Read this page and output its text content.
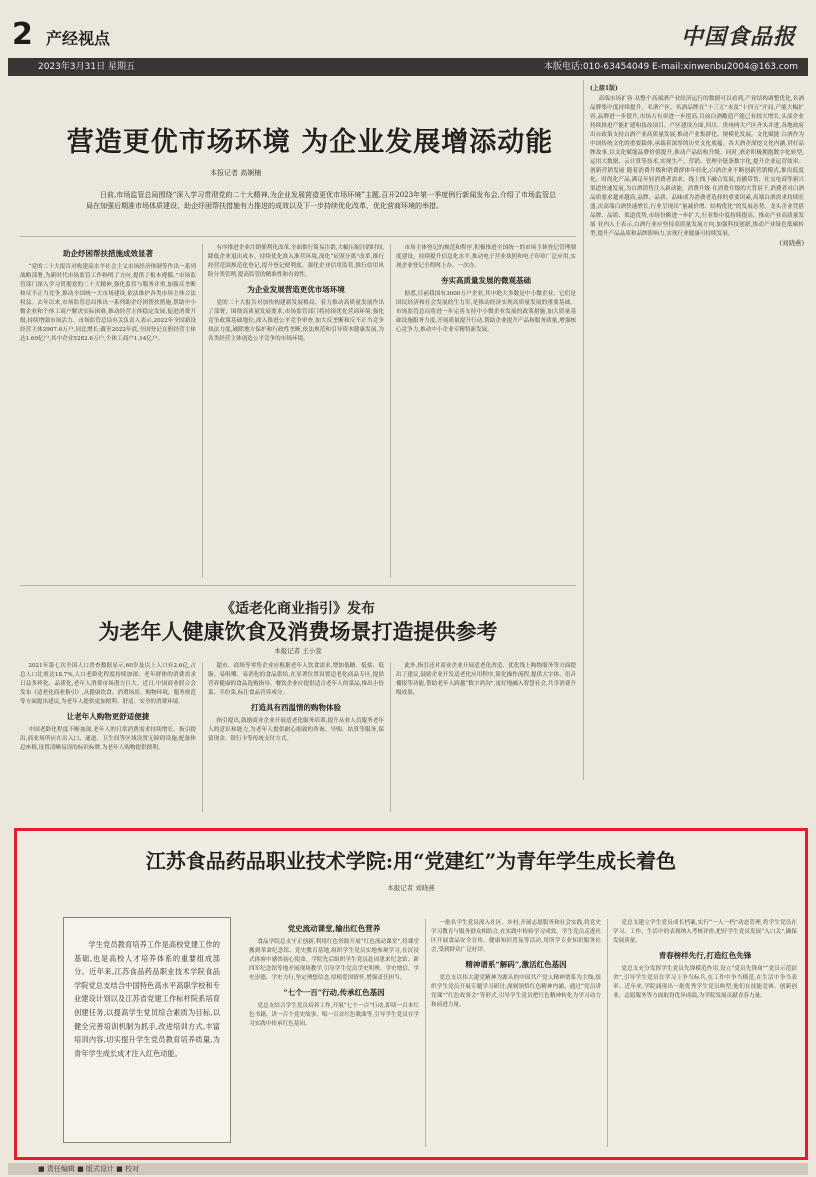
2 产经视点	中国食品报
2023年3月31日 星期五	本版电话:010-63454049 E-mail:xinwenbu2004@163.com
营造更优市场环境 为企业发展增添动能
本报记者 高娴楠
日前,市场监管总局围绕“深入学习贯彻党的二十大精神,为企业发展营造更优市场环境”主题,召开2023年第一季度例行新闻发布会,介绍了市场监管总局在加强后期准市场体质建设、助企纾困帮扶措施有力推进的成效以及下一步持续优化改革、优化营商环境的举措。
助企纾困帮扶措施成效显著

“党的二十大报告对构建高水平社会主义市场经济体制等作出一系列战略部署,为新时代市场监管工作指明了方向,提供了根本遵循。”市场监管部门深入学习贯彻党的二十大精神,强化监管与服务并重,加强反垄断和反不正当竞争,推动全国统一大市场建设,依法维护各类市场主体合法权益。去年以来,市场监管总局推出一系列助企纾困帮扶措施,帮助中小微企业和个体工商户解决实际困难,推动经营主体稳定发展,促进消费升级,持续增强市场活力。市场监管总局有关负责人表示,2022年全国新设经营主体2907.6万户,同比增长;截至2022年底,全国登记在册经营主体达1.69亿户,其中企业5282.6万户,个体工商户1.14亿户。

有序推进企业注销便利化改革,全面推行简易注销,大幅压缩注销时间,降低企业退出成本。持续优化准入准营环境,深化“证照分离”改革,推行经营范围规范化登记,提升登记便利度。强化企业信用监管,推行信用风险分类管理,提高监管的精准性和有效性。

为企业发展营造更优市场环境

党的二十大报告对加快构建新发展格局、着力推动高质量发展作出了部署。围绕高质量发展要求,市场监管部门将持续优化营商环境,强化竞争政策基础地位,深入推进公平竞争审查,加大反垄断和反不正当竞争执法力度,破除地方保护和行政性垄断,依法规范和引导资本健康发展,为各类经营主体创造公平竞争的市场环境。

市场主体登记的规范和程序,积极推进全国统一的市场主体登记管理制度建设。持续提升信息化水平,推动电子营业执照和电子印章广泛应用,实现企业登记全程网上办、一次办。

夯实高质量发展的微观基础

据悉,目前我国有3000万户企业,其中绝大多数是中小微企业。它们是国民经济和社会发展的生力军,是推动经济实现高质量发展的重要基础。市场监管总局将进一步完善支持中小微企业发展的政策措施,加大质量基础设施服务力度,开展质量提升行动,帮助企业提升产品和服务质量,增强核心竞争力,推动中小企业专精特新发展。

(上接1版)

高端市场扩容 从整个高端酒产业经济运行的数据可以看到,产业结构调整优化,名酒品牌集中度持续提升。名酒产区、名酒品牌在“十三五”末及“十四五”开局,产能大幅扩容,品牌进一步提升,市场占有率进一步提高,目前白酒酿造产能已有较大增长,头部企业持续推进产能扩建和技改项目。产区建设方面,四川、贵州两大产区齐头并进,各地政府出台政策支持白酒产业高质量发展,推动产业集群化、规模化发展。文化赋能 白酒作为中国传统文化的重要载体,承载着深厚的历史文化底蕴。各大酒企深挖文化内涵,讲好品牌故事,以文化赋能品牌价值提升,推动产品结构升级。同时,酒企积极拥抱数字化转型,运用大数据、云计算等技术,实现生产、营销、管理全链条数字化,提升企业运营效率。创新营销发展 随着消费升级和消费群体年轻化,白酒企业不断创新营销模式,推出低度化、时尚化产品,满足年轻消费者需求。线上线下融合发展,直播带货、社交电商等新兴渠道快速发展,为白酒销售注入新动能。消费升级 在消费升级的大背景下,消费者对白酒品质要求越来越高,品牌、品质、品味成为消费者选择的重要因素,高端白酒需求持续旺盛,次高端白酒快速增长,行业呈现出“量减价增、结构优化”的发展态势。龙头企业凭借品牌、品质、渠道优势,市场份额进一步扩大,行业集中度持续提高。推动产业高质量发展 业内人士表示,白酒行业应坚持高质量发展方向,加强科技创新,推动产业绿色低碳转型,提升产品品质和品牌影响力,实现行业健康可持续发展。

(刘晓燕)
《适老化商业指引》发布
为老年人健康饮食及消费场景打造提供参考
本报记者 王小萱

2021年第七次全国人口普查数据显示,60岁及以上人口有2.6亿,占总人口比重达18.7%,人口老龄化程度持续加深。老年群体的消费需求日益多样化、品质化,老年人消费市场潜力巨大。近日,中国商业联合会发布《适老化商业指引》,从健康饮食、消费场景、购物环境、服务规范等方面提出建议,为老年人提供更加便利、舒适、安全的消费环境。

让老年人购物更舒适便捷

中国老龄化程度不断加深,老年人的日常消费需求持续增长。指引提出,商业场所应在出入口、通道、卫生间等区域设置无障碍设施,配备休息座椅,设置清晰易读的标识标牌,为老年人购物提供便利。

超市、商场等零售企业应根据老年人饮食需求,增加低糖、低盐、低脂、易咀嚼、易消化的食品供给,在显著位置设置适老化商品专区,提供营养健康的食品选购指导。餐饮企业应提供适合老年人的菜品,推出小份菜、半份菜,标注食品营养成分。

打造具有西温情的购物体验

指引提出,鼓励商业企业开展适老化服务培训,提升从业人员服务老年人的意识和能力,为老年人提供耐心细致的咨询、导购、结算等服务,保留现金、银行卡等传统支付方式。

此外,指引还对商业企业开展适老化改造、优化线上购物服务等方面提出了建议,鼓励企业开发适老化应用程序,简化操作流程,提供大字体、语音播报等功能,帮助老年人跨越“数字鸿沟”,更好地融入智慧社会,共享消费升级成果。

江苏食品药品职业技术学院:用“党建红”为青年学生成长着色
本报记者 刘晓燕

学生党员教育培养工作是高校党建工作的基础,也是高校人才培养体系的重要组成部分。近年来,江苏食品药品职业技术学院食品学院党总支结合中国特色高水平高职学校和专业建设计划以及江苏省党建工作标杆院系培育创建任务,以提高学生党员综合素质为目标,以健全完善培训机制为抓手,改进培训方式,丰富培训内容,切实提升学生党员教育培养质量,为青年学生成长成才注入红色动能。

党史流动课堂,输出红色营养

食品学院总支守正创新,利用红色资源开展“红色流动课堂”,将课堂搬到革命纪念馆、党史教育基地,组织学生党员实地参观学习,在沉浸式体验中感悟初心使命。学院先后组织学生党员赴周恩来纪念馆、新四军纪念馆等地开展现场教学,引导学生党员学史明理、学史增信、学史崇德、学史力行,坚定理想信念,厚植爱国情怀,增强责任担当。

“七个一百”行动,传承红色基因

党总支结合学生党员培养工作,开展“七个一百”行动,即读一百本红色书籍、讲一百个党史故事、唱一百首红色歌曲等,引导学生党员在学习实践中传承红色基因。

一批名学生党员深入社区、乡村,开展志愿服务和社会实践,将党史学习教育与服务群众相结合,在实践中检验学习成效。学生党员走进社区开展食品安全宣传、健康知识普及等活动,用所学专业知识服务社会,受到群众广泛好评。

精神谱系“解码”,激活红色基因

党总支以伟大建党精神为源头的中国共产党人精神谱系为主线,组织学生党员开展专题学习研讨,深刻领悟红色精神内涵。通过“党员讲党课”“红色故事会”等形式,引导学生党员把红色精神转化为学习动力和前进力量。

党总支建立学生党员成长档案,实行“一人一档”动态管理,将学生党员在学习、工作、生活中的表现纳入考核评价,把好学生党员发展“入口关”,确保发展质量。

青春榜样先行,打造红色先锋

党总支充分发挥学生党员先锋模范作用,设立“党员先锋岗”“党员示范宿舍”,引导学生党员在学习上争当标兵,在工作中争当模范,在生活中争当表率。近年来,学院涌现出一批优秀学生党员典型,他们在技能竞赛、创新创业、志愿服务等方面取得优异成绩,为学院发展贡献青春力量。

■ 责任编辑 ■ 版式设计 ■ 校对
